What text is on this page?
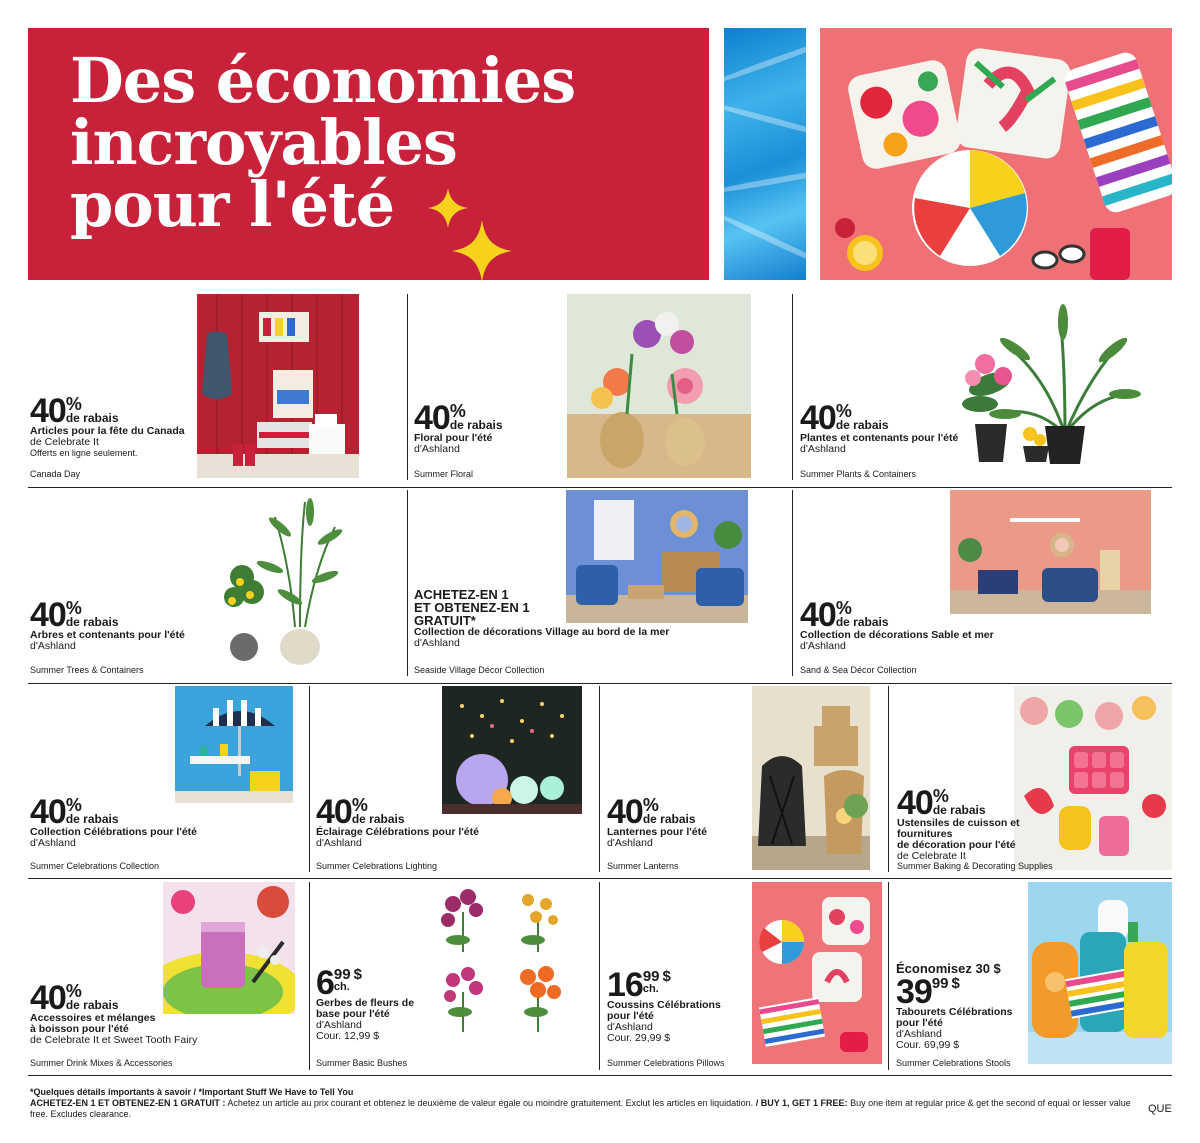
Des économies
incroyables
pour l'été
40 %
de rabais
Articles pour la fête du Canada
de Celebrate It
Offerts en ligne seulement.
Canada Day
40 %
de rabais
Floral pour l'été
d'Ashland
Summer Floral
40 %
de rabais
Plantes et contenants pour l'été
d'Ashland
Summer Plants & Containers
40 %
de rabais
Arbres et contenants pour l'été
d'Ashland
Summer Trees & Containers
ACHETEZ-EN 1
ET OBTENEZ-EN 1
GRATUIT*
Collection de décorations Village au bord de la mer
d'Ashland
Seaside Village Décor Collection
40 %
de rabais
Collection de décorations Sable et mer
d'Ashland
Sand & Sea Décor Collection
40 %
de rabais
Collection Célébrations pour l'été
d'Ashland
Summer Celebrations Collection
40 %
de rabais
Éclairage Célébrations pour l'été
d'Ashland
Summer Celebrations Lighting
40 %
de rabais
Lanternes pour l'été
d'Ashland
Summer Lanterns
40 %
de rabais
Ustensiles de cuisson et fournitures
de décoration pour l'été
de Celebrate It
Summer Baking & Decorating Supplies
40 %
de rabais
Accessoires et mélanges
à boisson pour l'été
de Celebrate It et Sweet Tooth Fairy
Summer Drink Mixes & Accessories
6 99 $
ch.
Gerbes de fleurs de
base pour l'été
d'Ashland
Cour. 12,99 $
Summer Basic Bushes
16 99 $
ch.
Coussins Célébrations
pour l'été
d'Ashland
Cour. 29,99 $
Summer Celebrations Pillows
Économisez 30 $
39 99 $
Tabourets Célébrations pour l'été
d'Ashland
Cour. 69,99 $
Summer Celebrations Stools
*Quelques détails importants à savoir / *Important Stuff We Have to Tell You
ACHETEZ-EN 1 ET OBTENEZ-EN 1 GRATUIT : Achetez un article au prix courant et obtenez le deuxième de valeur égale ou moindre gratuitement. Exclut les articles en liquidation. / BUY 1, GET 1 FREE: Buy one item at regular price & get the second of equal or lesser value free. Excludes clearance.	QUE
